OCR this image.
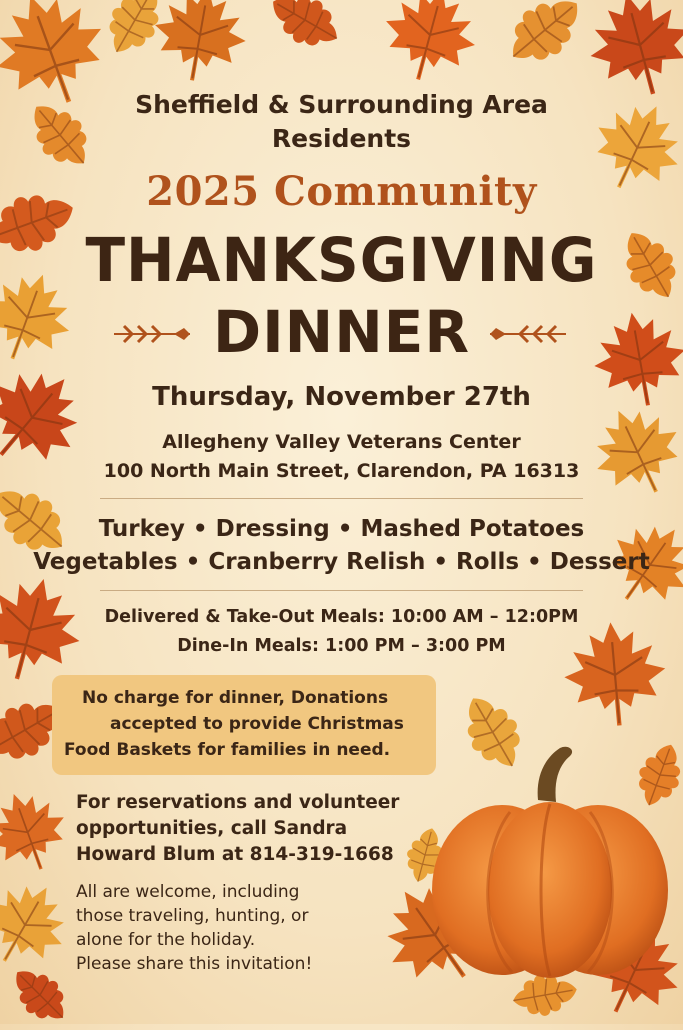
Sheffield & Surrounding Area
Residents
2025 Community
THANKSGIVING
DINNER
Thursday, November 27th
Allegheny Valley Veterans Center
100 North Main Street, Clarendon, PA 16313
Turkey • Dressing • Mashed Potatoes
Vegetables • Cranberry Relish • Rolls • Dessert
Delivered & Take-Out Meals: 10:00 AM – 12:0PM
Dine-In Meals: 1:00 PM – 3:00 PM
No charge for dinner, Donations
accepted to provide Christmas
Food Baskets for families in need.
For reservations and volunteer
opportunities, call Sandra
Howard Blum at 814-319-1668
All are welcome, including
those traveling, hunting, or
alone for the holiday.
Please share this invitation!
